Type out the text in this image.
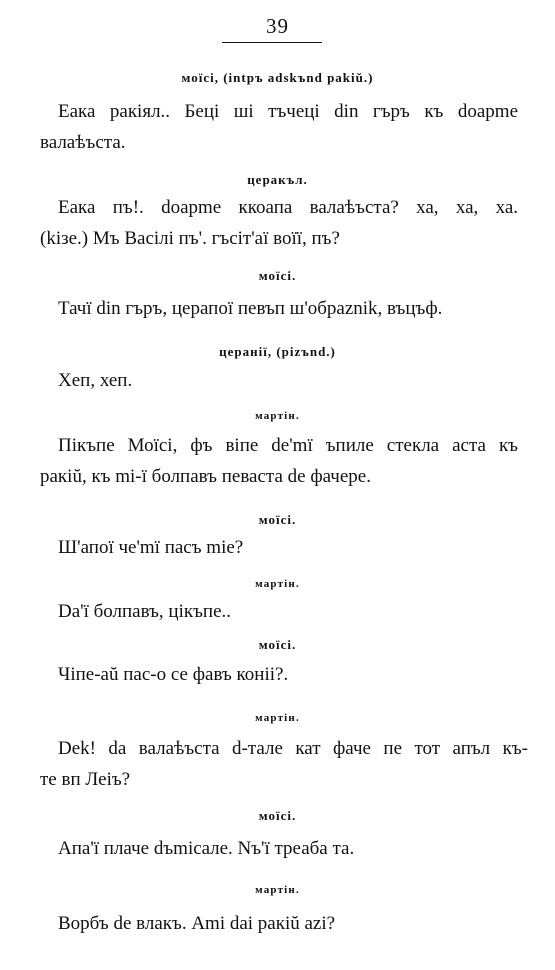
39
моїсі, (intpъ adskъnd pakiŭ.)
Еака ракiял.. Беці ші тъчеці din гъръ къ doapme
валаѣъста.
церакъл.
Еака пъ!. doapme ккоапа валаѣъста? ха, ха, ха.
(kiзе.) Мъ Васiлi пъ'. гъсiт'аї воїї, пъ?
моїсі.
Тачї din гъръ, церапої певъп ш'обpaznik, въцъф.
церанiї, (pizъnd.)
Хеп, хеп.
мартiн.
Пiкъпе Моїсi, фъ віпе de'mї ъпиле стекла аста къ
ракiŭ, къ mi-ї болпавъ певаста de фачере.
моїсі.
Ш'апої че'mї пасъ mie?
мартiн.
Da'ї болпавъ, цiкъпе..
моїсі.
Чiпе-аŭ пас-о се фавъ коніі?.
мартiн.
Dek! da валаѣъста d-тале кат фаче пе тот апъл къ-
те вп Леiъ?
моїсі.
Апа'ї плаче dъmicaле. Nъ'ї треаба та.
мартiн.
Ворбъ de влакъ. Ami dai ракiŭ azi?
